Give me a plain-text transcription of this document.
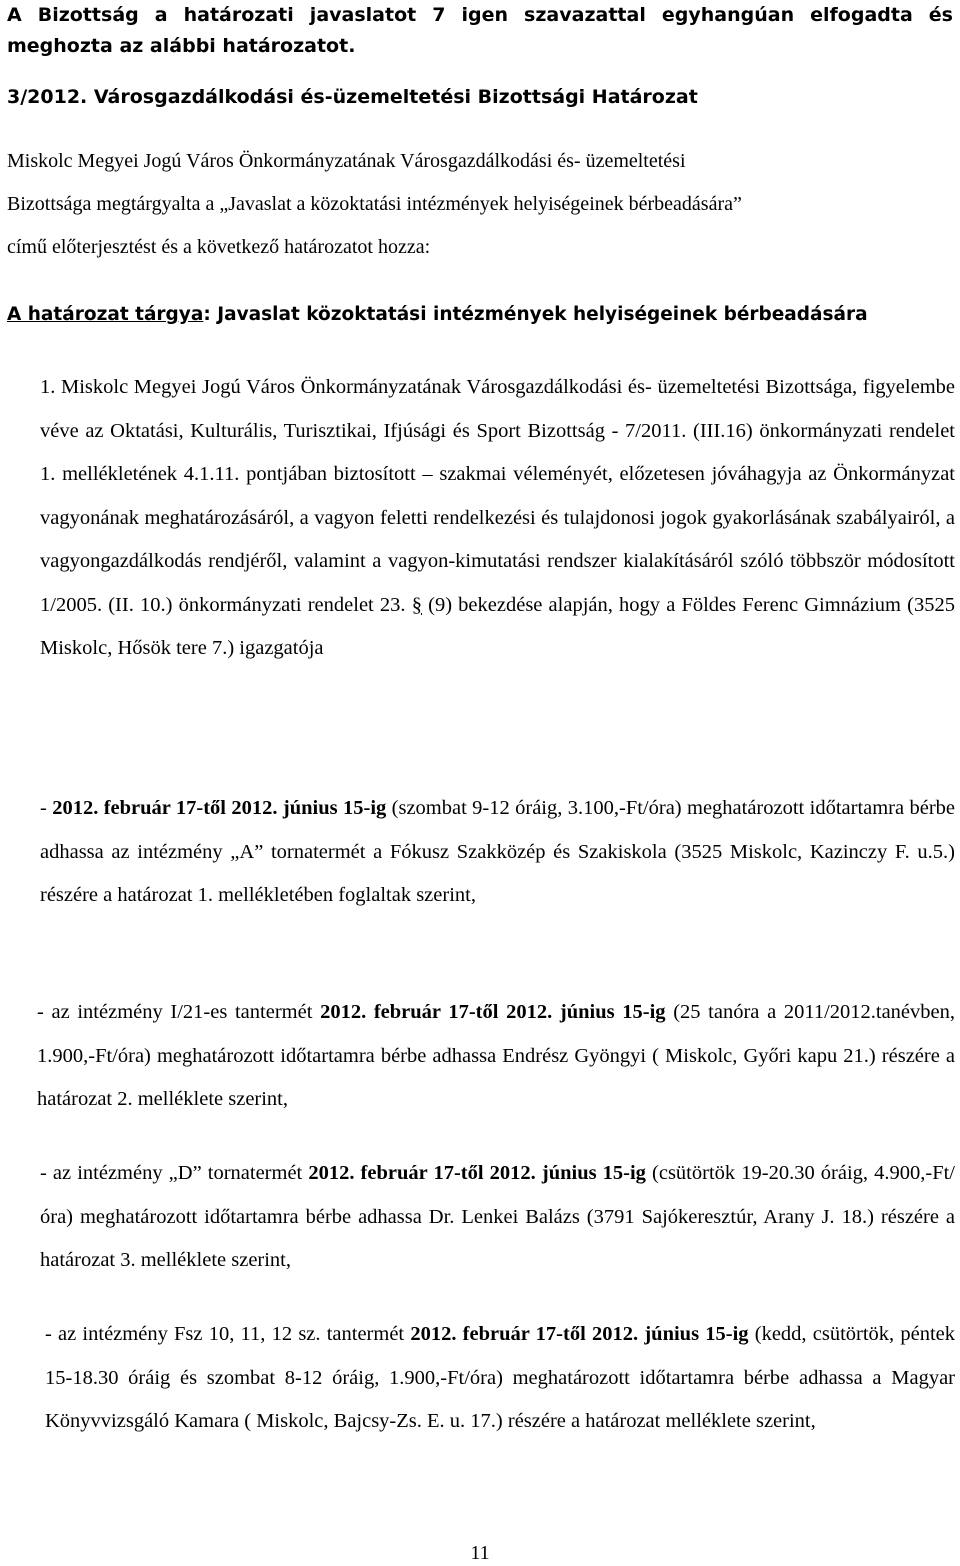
A Bizottság a határozati javaslatot 7 igen szavazattal egyhangúan elfogadta és meghozta az alábbi határozatot.
3/2012. Városgazdálkodási és-üzemeltetési Bizottsági Határozat
Miskolc Megyei Jogú Város Önkormányzatának Városgazdálkodási és- üzemeltetési
Bizottsága megtárgyalta a „Javaslat a közoktatási intézmények helyiségeinek bérbeadására”
című előterjesztést és a következő határozatot hozza:
A határozat tárgya: Javaslat közoktatási intézmények helyiségeinek bérbeadására
1. Miskolc Megyei Jogú Város Önkormányzatának Városgazdálkodási és- üzemeltetési Bizottsága, figyelembe véve az Oktatási, Kulturális, Turisztikai, Ifjúsági és Sport Bizottság - 7/2011. (III.16) önkormányzati rendelet 1. mellékletének 4.1.11. pontjában biztosított – szakmai véleményét, előzetesen jóváhagyja az Önkormányzat vagyonának meghatározásáról, a vagyon feletti rendelkezési és tulajdonosi jogok gyakorlásának szabályairól, a vagyongazdálkodás rendjéről, valamint a vagyon-kimutatási rendszer kialakításáról szóló többször módosított 1/2005. (II. 10.) önkormányzati rendelet 23. § (9) bekezdése alapján, hogy a Földes Ferenc Gimnázium (3525 Miskolc, Hősök tere 7.) igazgatója
- 2012. február 17-től 2012. június 15-ig (szombat 9-12 óráig, 3.100,-Ft/óra) meghatározott időtartamra bérbe adhassa az intézmény „A” tornatermét a Fókusz Szakközép és Szakiskola (3525 Miskolc, Kazinczy F. u.5.) részére a határozat 1. mellékletében foglaltak szerint,
- az intézmény I/21-es tantermét 2012. február 17-től 2012. június 15-ig (25 tanóra a 2011/2012.tanévben, 1.900,-Ft/óra) meghatározott időtartamra bérbe adhassa Endrész Gyöngyi ( Miskolc, Győri kapu 21.) részére a határozat 2. melléklete szerint,
- az intézmény „D” tornatermét 2012. február 17-től 2012. június 15-ig (csütörtök 19-20.30 óráig, 4.900,-Ft/óra) meghatározott időtartamra bérbe adhassa Dr. Lenkei Balázs (3791 Sajókeresztúr, Arany J. 18.) részére a határozat 3. melléklete szerint,
- az intézmény Fsz 10, 11, 12 sz. tantermét 2012. február 17-től 2012. június 15-ig (kedd, csütörtök, péntek 15-18.30 óráig és szombat 8-12 óráig, 1.900,-Ft/óra) meghatározott időtartamra bérbe adhassa a Magyar Könyvvizsgáló Kamara ( Miskolc, Bajcsy-Zs. E. u. 17.) részére a határozat melléklete szerint,
11
